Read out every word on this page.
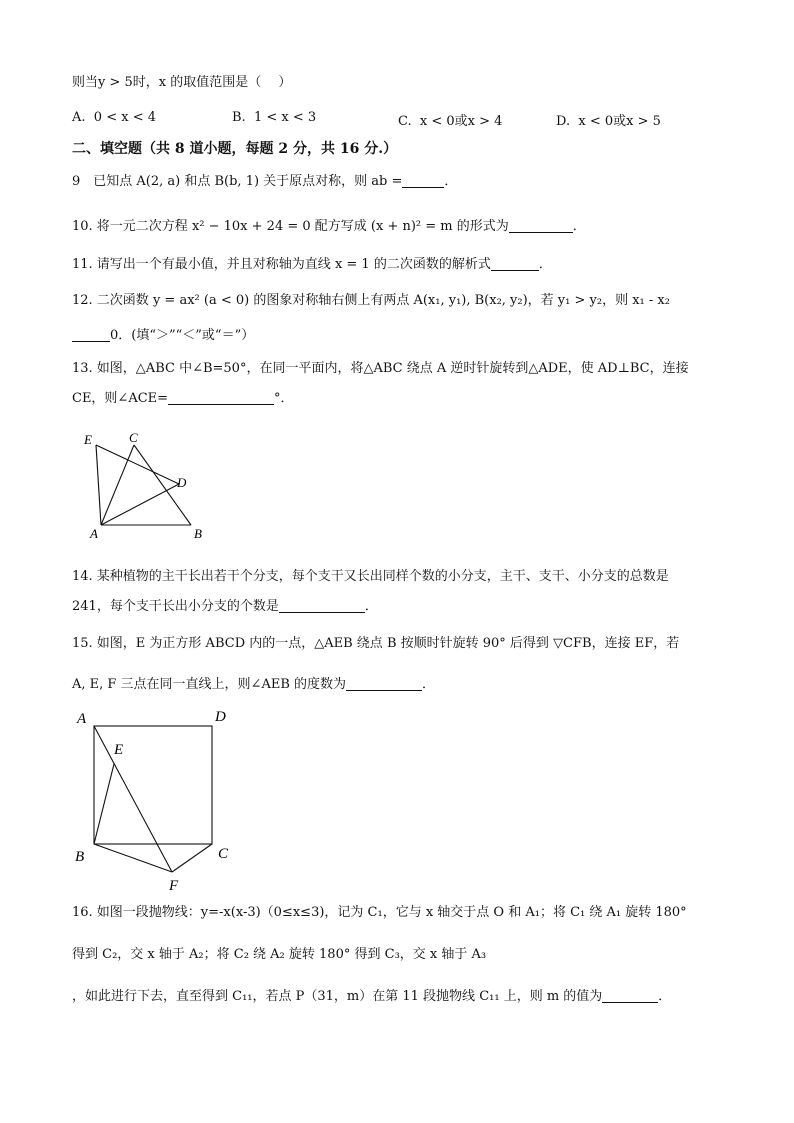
则当y > 5时，x 的取值范围是（　 ）
A. 0 < x < 4	B. 1 < x < 3	C. x < 0或x > 4	D. x < 0或x > 5
二、填空题（共 8 道小题，每题 2 分，共 16 分.）
9　已知点 A(2, a) 和点 B(b, 1) 关于原点对称，则 ab =	．
10. 将一元二次方程 x² − 10x + 24 = 0 配方写成 (x + n)² = m 的形式为	．
11. 请写出一个有最小值，并且对称轴为直线 x = 1 的二次函数的解析式	．
12. 二次函数 y = ax² (a < 0) 的图象对称轴右侧上有两点 A(x₁, y₁), B(x₂, y₂)，若 y₁ > y₂，则 x₁ - x₂
0．(填“＞”“＜”或“＝”）
13. 如图，△ABC 中∠B=50°，在同一平面内，将△ABC 绕点 A 逆时针旋转到△ADE，使 AD⊥BC，连接
CE，则∠ACE=	°．
E	C
D
A	B
14. 某种植物的主干长出若干个分支，每个支干又长出同样个数的小分支，主干、支干、小分支的总数是
241，每个支干长出小分支的个数是	．
15. 如图，E 为正方形 ABCD 内的一点，△AEB 绕点 B 按顺时针旋转 90° 后得到 ▽CFB，连接 EF，若
A, E, F 三点在同一直线上，则∠AEB 的度数为	．
A	D
E
B	C
F
16. 如图一段抛物线：y=-x(x-3)（0≤x≤3)，记为 C₁，它与 x 轴交于点 O 和 A₁；将 C₁ 绕 A₁ 旋转 180°
得到 C₂，交 x 轴于 A₂；将 C₂ 绕 A₂ 旋转 180° 得到 C₃，交 x 轴于 A₃
，如此进行下去，直至得到 C₁₁，若点 P（31，m）在第 11 段抛物线 C₁₁ 上，则 m 的值为	．
